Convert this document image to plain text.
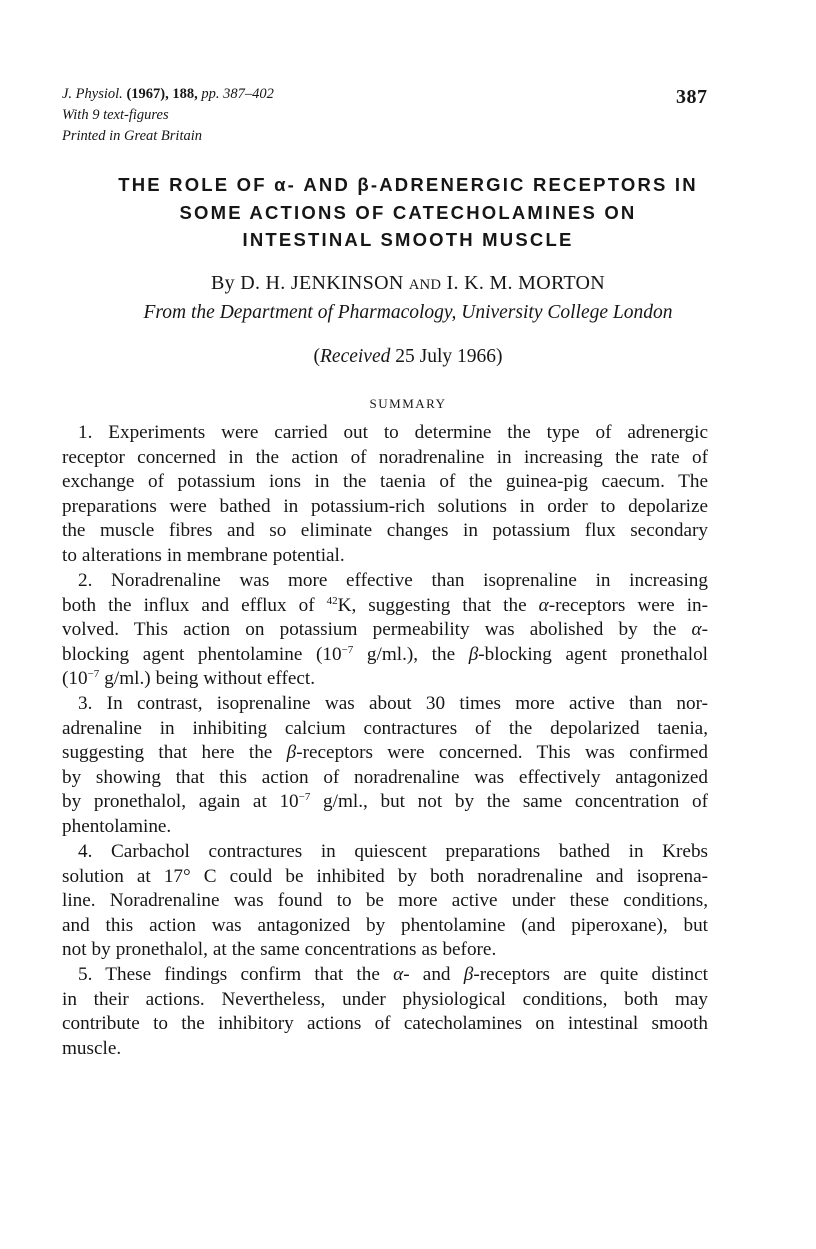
J. Physiol. (1967), 188, pp. 387–402
With 9 text-figures
Printed in Great Britain
387
THE ROLE OF α- AND β-ADRENERGIC RECEPTORS IN
SOME ACTIONS OF CATECHOLAMINES ON
INTESTINAL SMOOTH MUSCLE
By D. H. JENKINSON AND I. K. M. MORTON
From the Department of Pharmacology, University College London
(Received 25 July 1966)
SUMMARY
1. Experiments were carried out to determine the type of adrenergic
receptor concerned in the action of noradrenaline in increasing the rate of
exchange of potassium ions in the taenia of the guinea-pig caecum. The
preparations were bathed in potassium-rich solutions in order to depolarize
the muscle fibres and so eliminate changes in potassium flux secondary
to alterations in membrane potential.
2. Noradrenaline was more effective than isoprenaline in increasing
both the influx and efflux of $^{42}$K, suggesting that the α-receptors were in-
volved. This action on potassium permeability was abolished by the α-
blocking agent phentolamine ($10^{-7}$ g/ml.), the β-blocking agent pronethalol
($10^{-7}$ g/ml.) being without effect.
3. In contrast, isoprenaline was about 30 times more active than nor-
adrenaline in inhibiting calcium contractures of the depolarized taenia,
suggesting that here the β-receptors were concerned. This was confirmed
by showing that this action of noradrenaline was effectively antagonized
by pronethalol, again at $10^{-7}$ g/ml., but not by the same concentration of
phentolamine.
4. Carbachol contractures in quiescent preparations bathed in Krebs
solution at 17° C could be inhibited by both noradrenaline and isoprena-
line. Noradrenaline was found to be more active under these conditions,
and this action was antagonized by phentolamine (and piperoxane), but
not by pronethalol, at the same concentrations as before.
5. These findings confirm that the α- and β-receptors are quite distinct
in their actions. Nevertheless, under physiological conditions, both may
contribute to the inhibitory actions of catecholamines on intestinal smooth
muscle.
